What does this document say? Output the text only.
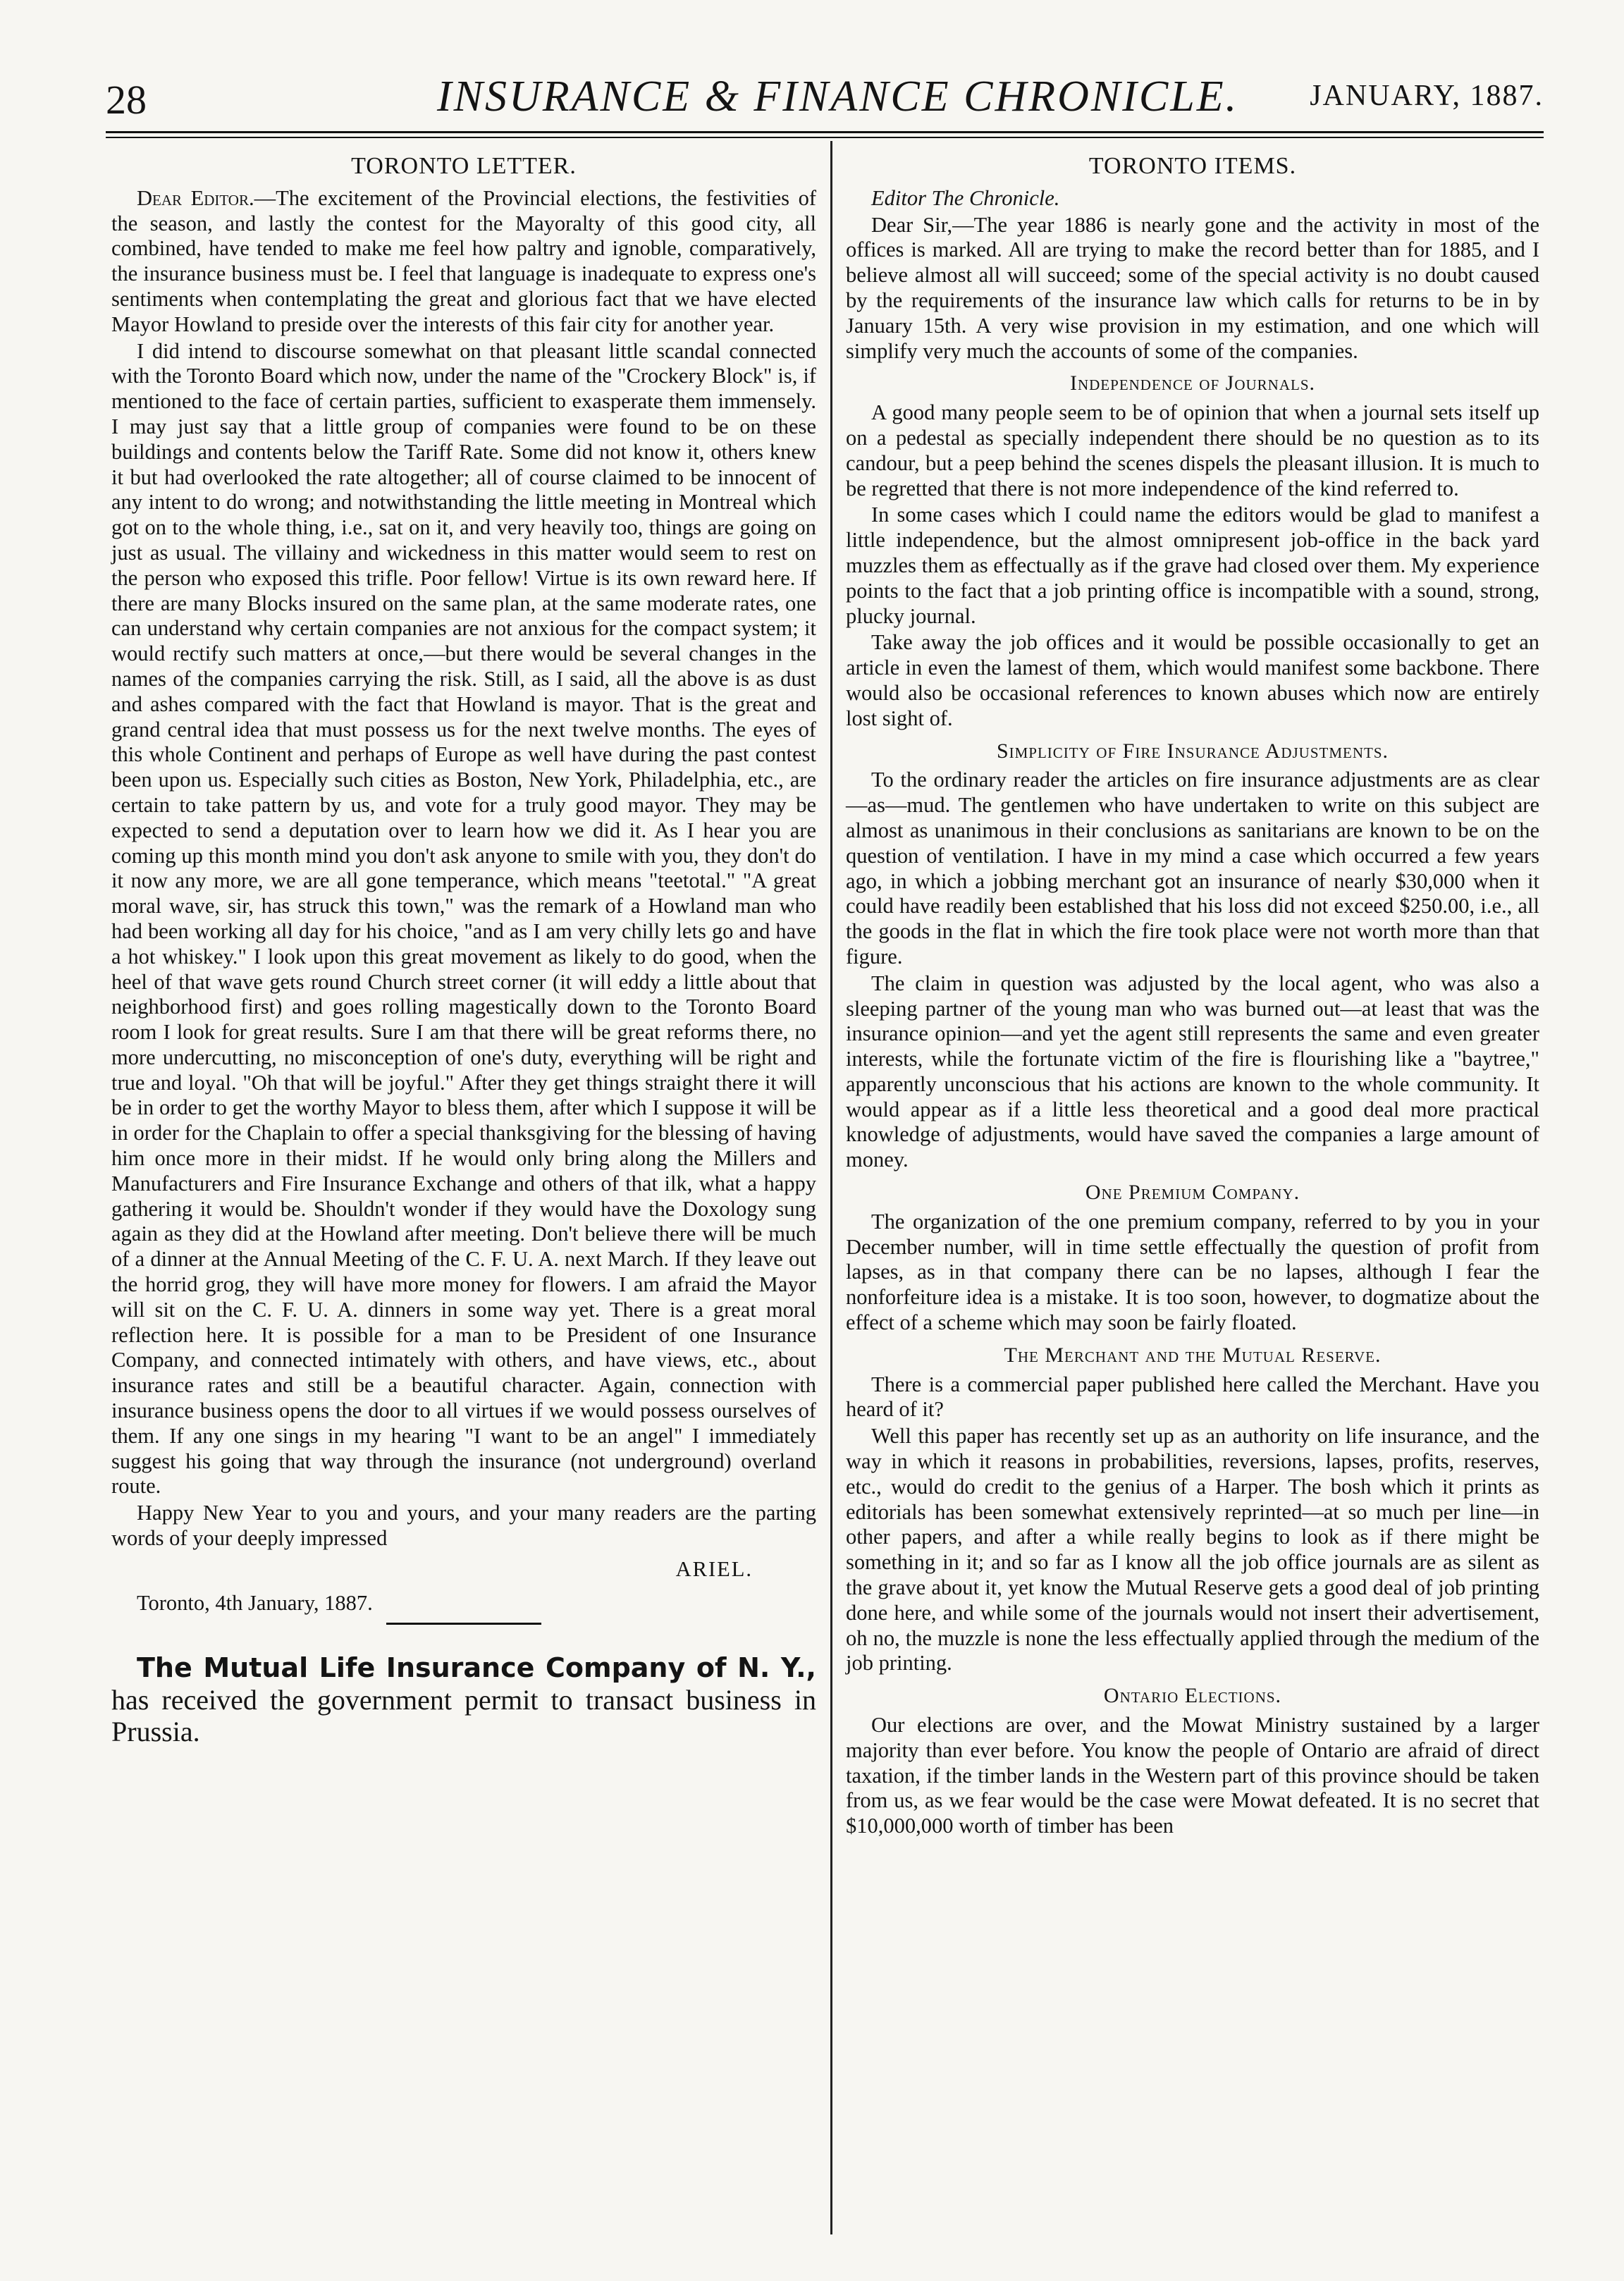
28	INSURANCE & FINANCE CHRONICLE.	JANUARY, 1887.
TORONTO LETTER.

Dear Editor.—The excitement of the Provincial elections, the festivities of the season, and lastly the contest for the Mayoralty of this good city, all combined, have tended to make me feel how paltry and ignoble, comparatively, the insurance business must be. I feel that language is inadequate to express one's sentiments when contemplating the great and glorious fact that we have elected Mayor Howland to preside over the interests of this fair city for another year.

I did intend to discourse somewhat on that pleasant little scandal connected with the Toronto Board which now, under the name of the "Crockery Block" is, if mentioned to the face of certain parties, sufficient to exasperate them immensely. I may just say that a little group of companies were found to be on these buildings and contents below the Tariff Rate. Some did not know it, others knew it but had overlooked the rate altogether; all of course claimed to be innocent of any intent to do wrong; and notwithstanding the little meeting in Montreal which got on to the whole thing, i.e., sat on it, and very heavily too, things are going on just as usual. The villainy and wickedness in this matter would seem to rest on the person who exposed this trifle. Poor fellow! Virtue is its own reward here. If there are many Blocks insured on the same plan, at the same moderate rates, one can understand why certain companies are not anxious for the compact system; it would rectify such matters at once,—but there would be several changes in the names of the companies carrying the risk. Still, as I said, all the above is as dust and ashes compared with the fact that Howland is mayor. That is the great and grand central idea that must possess us for the next twelve months. The eyes of this whole Continent and perhaps of Europe as well have during the past contest been upon us. Especially such cities as Boston, New York, Philadelphia, etc., are certain to take pattern by us, and vote for a truly good mayor. They may be expected to send a deputation over to learn how we did it. As I hear you are coming up this month mind you don't ask anyone to smile with you, they don't do it now any more, we are all gone temperance, which means "teetotal." "A great moral wave, sir, has struck this town," was the remark of a Howland man who had been working all day for his choice, "and as I am very chilly lets go and have a hot whiskey." I look upon this great movement as likely to do good, when the heel of that wave gets round Church street corner (it will eddy a little about that neighborhood first) and goes rolling magestically down to the Toronto Board room I look for great results. Sure I am that there will be great reforms there, no more undercutting, no misconception of one's duty, everything will be right and true and loyal. "Oh that will be joyful." After they get things straight there it will be in order to get the worthy Mayor to bless them, after which I suppose it will be in order for the Chaplain to offer a special thanksgiving for the blessing of having him once more in their midst. If he would only bring along the Millers and Manufacturers and Fire Insurance Exchange and others of that ilk, what a happy gathering it would be. Shouldn't wonder if they would have the Doxology sung again as they did at the Howland after meeting. Don't believe there will be much of a dinner at the Annual Meeting of the C. F. U. A. next March. If they leave out the horrid grog, they will have more money for flowers. I am afraid the Mayor will sit on the C. F. U. A. dinners in some way yet. There is a great moral reflection here. It is possible for a man to be President of one Insurance Company, and connected intimately with others, and have views, etc., about insurance rates and still be a beautiful character. Again, connection with insurance business opens the door to all virtues if we would possess ourselves of them. If any one sings in my hearing "I want to be an angel" I immediately suggest his going that way through the insurance (not underground) overland route.

Happy New Year to you and yours, and your many readers are the parting words of your deeply impressed

ARIEL.

Toronto, 4th January, 1887.

The Mutual Life Insurance Company of N. Y., has received the government permit to transact business in Prussia.

TORONTO ITEMS.

Editor The Chronicle.

Dear Sir,—The year 1886 is nearly gone and the activity in most of the offices is marked. All are trying to make the record better than for 1885, and I believe almost all will succeed; some of the special activity is no doubt caused by the requirements of the insurance law which calls for returns to be in by January 15th. A very wise provision in my estimation, and one which will simplify very much the accounts of some of the companies.

Independence of Journals.

A good many people seem to be of opinion that when a journal sets itself up on a pedestal as specially independent there should be no question as to its candour, but a peep behind the scenes dispels the pleasant illusion. It is much to be regretted that there is not more independence of the kind referred to.

In some cases which I could name the editors would be glad to manifest a little independence, but the almost omnipresent job-office in the back yard muzzles them as effectually as if the grave had closed over them. My experience points to the fact that a job printing office is incompatible with a sound, strong, plucky journal.

Take away the job offices and it would be possible occasionally to get an article in even the lamest of them, which would manifest some backbone. There would also be occasional references to known abuses which now are entirely lost sight of.

Simplicity of Fire Insurance Adjustments.

To the ordinary reader the articles on fire insurance adjustments are as clear—as—mud. The gentlemen who have undertaken to write on this subject are almost as unanimous in their conclusions as sanitarians are known to be on the question of ventilation. I have in my mind a case which occurred a few years ago, in which a jobbing merchant got an insurance of nearly $30,000 when it could have readily been established that his loss did not exceed $250.00, i.e., all the goods in the flat in which the fire took place were not worth more than that figure.

The claim in question was adjusted by the local agent, who was also a sleeping partner of the young man who was burned out—at least that was the insurance opinion—and yet the agent still represents the same and even greater interests, while the fortunate victim of the fire is flourishing like a "baytree," apparently unconscious that his actions are known to the whole community. It would appear as if a little less theoretical and a good deal more practical knowledge of adjustments, would have saved the companies a large amount of money.

One Premium Company.

The organization of the one premium company, referred to by you in your December number, will in time settle effectually the question of profit from lapses, as in that company there can be no lapses, although I fear the nonforfeiture idea is a mistake. It is too soon, however, to dogmatize about the effect of a scheme which may soon be fairly floated.

The Merchant and the Mutual Reserve.

There is a commercial paper published here called the Merchant. Have you heard of it?

Well this paper has recently set up as an authority on life insurance, and the way in which it reasons in probabilities, reversions, lapses, profits, reserves, etc., would do credit to the genius of a Harper. The bosh which it prints as editorials has been somewhat extensively reprinted—at so much per line—in other papers, and after a while really begins to look as if there might be something in it; and so far as I know all the job office journals are as silent as the grave about it, yet know the Mutual Reserve gets a good deal of job printing done here, and while some of the journals would not insert their advertisement, oh no, the muzzle is none the less effectually applied through the medium of the job printing.

Ontario Elections.

Our elections are over, and the Mowat Ministry sustained by a larger majority than ever before. You know the people of Ontario are afraid of direct taxation, if the timber lands in the Western part of this province should be taken from us, as we fear would be the case were Mowat defeated. It is no secret that $10,000,000 worth of timber has been
